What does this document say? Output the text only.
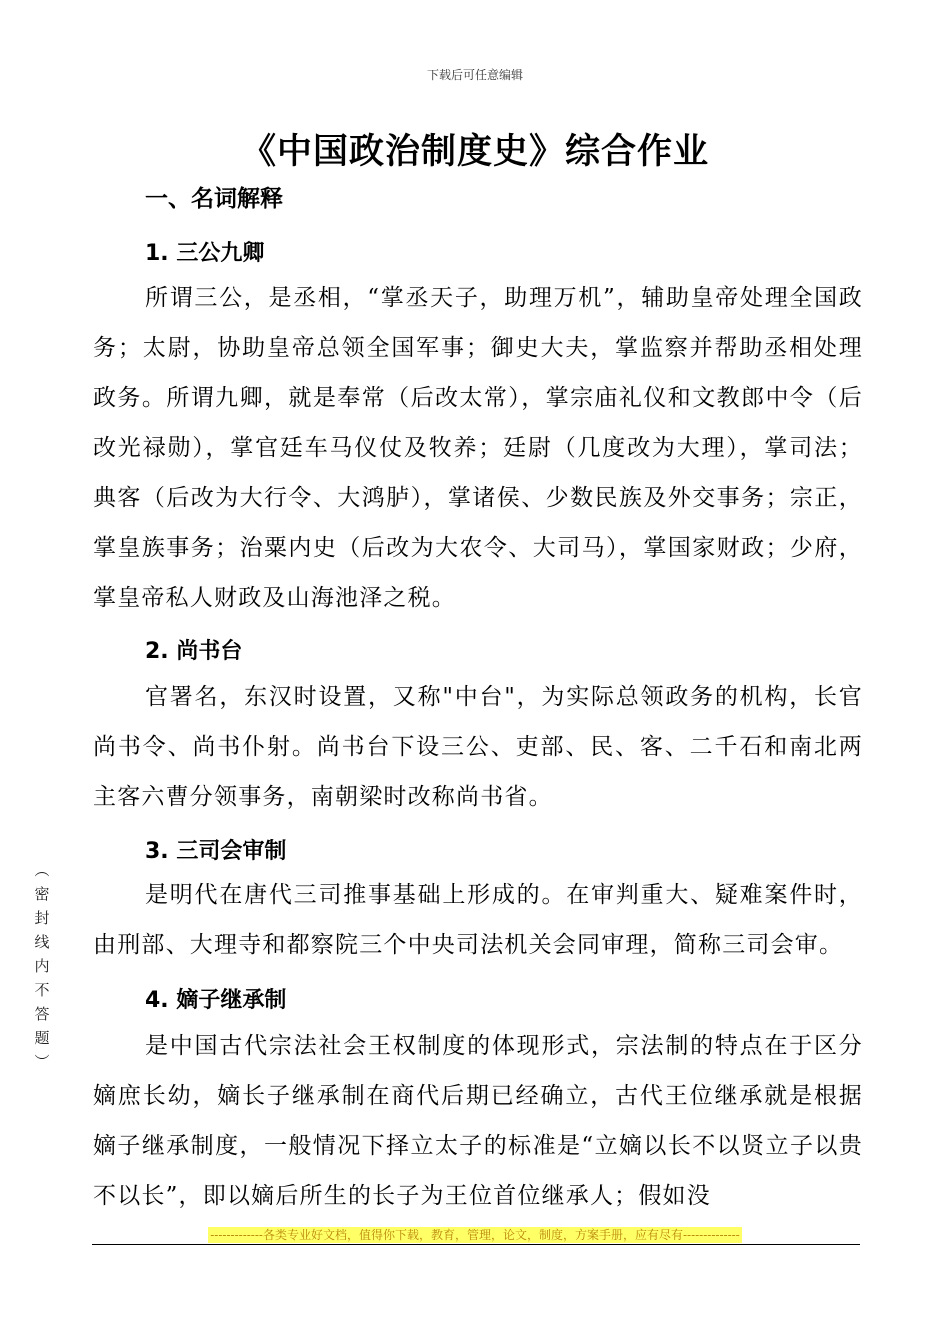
下载后可任意编辑
《中国政治制度史》综合作业
一、名词解释
1. 三公九卿
所谓三公，是丞相，“掌丞天子，助理万机”，辅助皇帝处理全国政务；太尉，协助皇帝总领全国军事；御史大夫，掌监察并帮助丞相处理政务。所谓九卿，就是奉常（后改太常），掌宗庙礼仪和文教郎中令（后改光禄勋），掌官廷车马仪仗及牧养；廷尉（几度改为大理），掌司法；典客（后改为大行令、大鸿胪），掌诸侯、少数民族及外交事务；宗正，掌皇族事务；治粟内史（后改为大农令、大司马），掌国家财政；少府，掌皇帝私人财政及山海池泽之税。
2. 尚书台
官署名，东汉时设置，又称"中台"，为实际总领政务的机构，长官尚书令、尚书仆射。尚书台下设三公、吏部、民、客、二千石和南北两主客六曹分领事务，南朝梁时改称尚书省。
3. 三司会审制
是明代在唐代三司推事基础上形成的。在审判重大、疑难案件时，由刑部、大理寺和都察院三个中央司法机关会同审理，简称三司会审。
4. 嫡子继承制
是中国古代宗法社会王权制度的体现形式，宗法制的特点在于区分嫡庶长幼，嫡长子继承制在商代后期已经确立，古代王位继承就是根据嫡子继承制度，一般情况下择立太子的标准是“立嫡以长不以贤立子以贵不以长”，即以嫡后所生的长子为王位首位继承人；假如没
︵
密
封
线
内
不
答
题
︶
-------------各类专业好文档，值得你下载，教育，管理，论文，制度，方案手册，应有尽有--------------
